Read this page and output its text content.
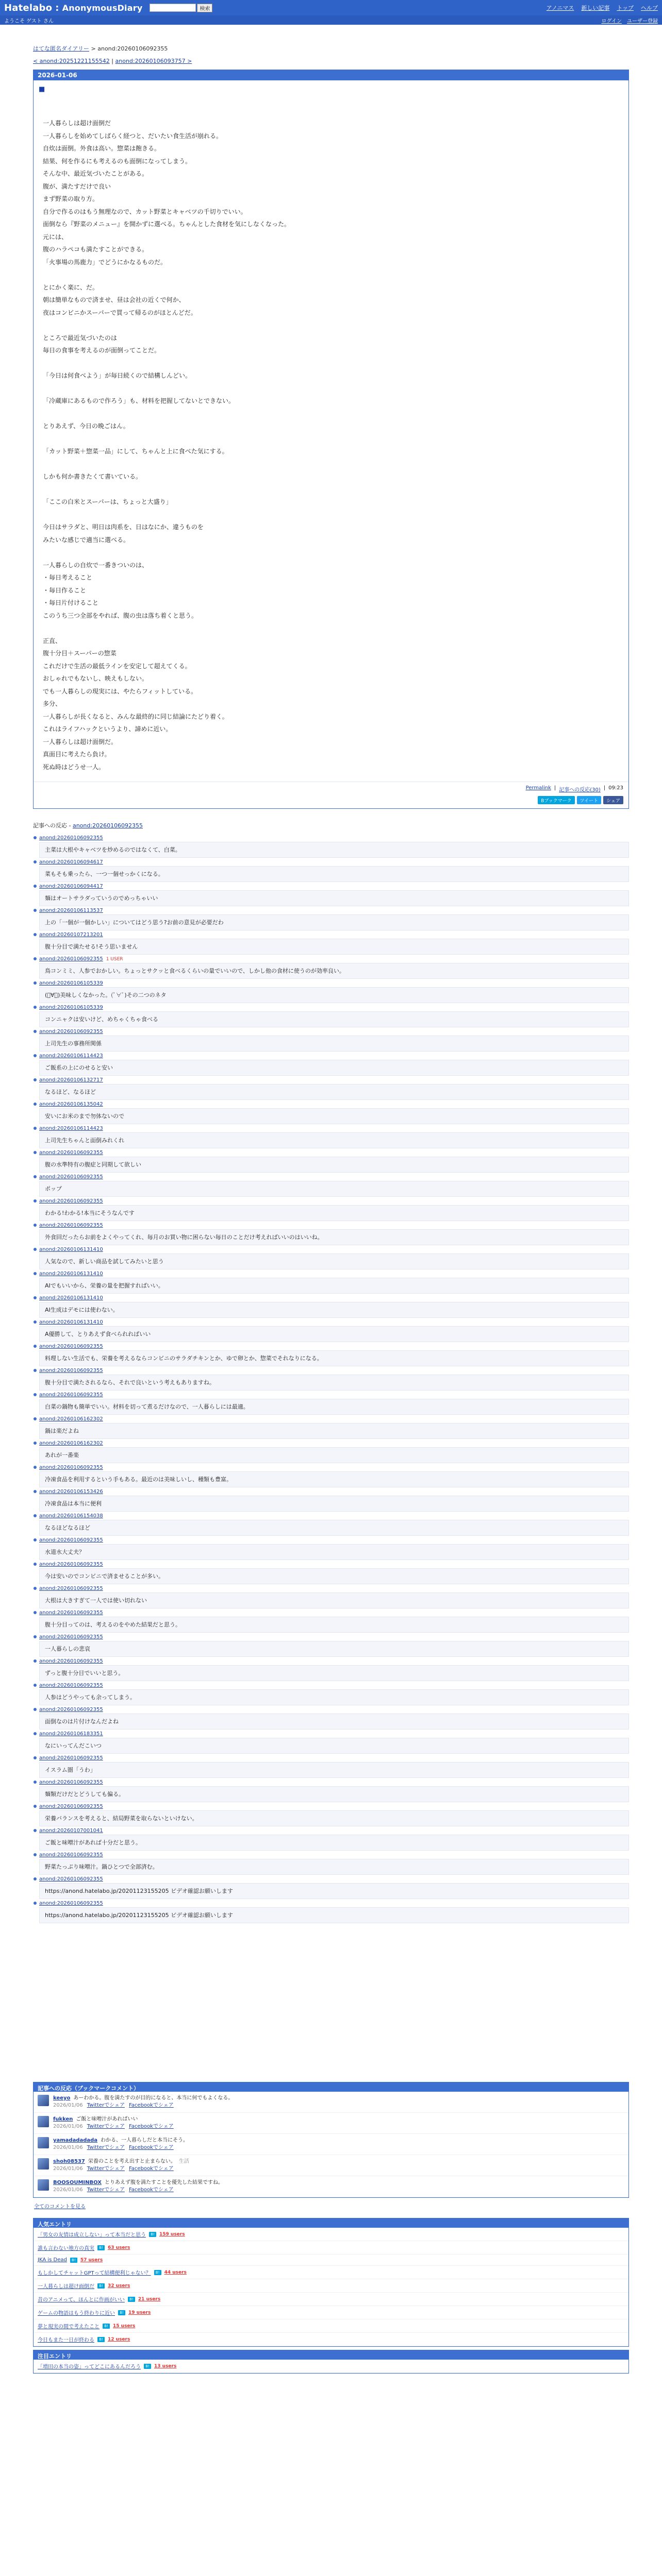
Hatelabo : AnonymousDiary	検索	アノニマス 新しい記事 トップ ヘルプ
ようこそ ゲスト さん	ログイン ユーザー登録
はてな匿名ダイアリー > anond:20260106092355
< anond:20251221155542 | anond:20260106093757 >
2026-01-06
■

一人暮らしは超け面倒だ

一人暮らしを始めてしばらく経つと、だいたい食生活が崩れる。

自炊は面倒。外食は高い。惣菜は飽きる。

結果、何を作るにも考えるのも面倒になってしまう。

そんな中、最近気づいたことがある。

腹が、満たすだけで良い

まず野菜の取り方。

自分で作るのはもう無理なので、カット野菜とキャベツの千切りでいい。

面倒なら『野菜のメニュー』を開かずに選べる。ちゃんとした食材を気にしなくなった。

元には、

腹のハラペコも満たすことができる。

「火事場の馬鹿力」でどうにかなるものだ。

とにかく楽に、だ。

朝は簡単なもので済ませ、昼は会社の近くで何か、

夜はコンビニかスーパーで買って帰るのがほとんどだ。

ところで最近気づいたのは

毎日の食事を考えるのが面倒ってことだ。

「今日は何食べよう」が毎日続くので結構しんどい。

「冷蔵庫にあるもので作ろう」も、材料を把握してないとできない。

とりあえず、今日の晩ごはん。

「カット野菜＋惣菜一品」にして、ちゃんと上に食べた気にする。

しかも何か書きたくて書いている。

「ここの白米とスーパーは、ちょっと大盛り」

今日はサラダと、明日は肉系を、日はなにか、違うものを

みたいな感じで適当に選べる。

一人暮らしの自炊で一番きついのは、

・毎日考えること

・毎日作ること

・毎日片付けること

このうち三つ全部をやれば、腹の虫は落ち着くと思う。

正直、

腹十分目＋スーパーの惣菜

これだけで生活の最低ラインを安定して超えてくる。

おしゃれでもないし、映えもしない。

でも一人暮らしの現実には、やたらフィットしている。

多分、

一人暮らしが長くなると、みんな最終的に同じ結論にたどり着く。

これはライフハックというより、諦めに近い。

一人暮らしは超け面倒だ。

真面目に考えたら負け。

死ぬ時はどうせ一人。

Permalink | 記事への反応(30) | 09:23
Bブックマーク	ツイート	シェア
記事への反応 - anond:20260106092355
anond:20260106092355
主菜は大根やキャベツを炒めるのではなくて、白菜。
anond:20260106094617
菜もそも乗ったら、一つ一個せっかくになる。
anond:20260106094417
麺はオートサラダっていうのでめっちゃいい
anond:20260106113537
上の「一個が一個かしい」についてはどう思う?お前の意見が必要だわ
anond:20260107213201
腹十分目で満たせる!そう思いません
anond:20260106092355 1 USER
鳥コンミミ、人参でおかしい。ちょっとサクッと食べるくらいの量でいいので、しかし他の食材に使うのが効率良い。
anond:20260106105339
(ﾟ∀ﾟ)美味しくなかった。(ﾟ∀ﾟ)その二つのネタ
anond:20260106105339
コンニャクは安いけど、めちゃくちゃ食べる
anond:20260106092355
上司先生の事務所関係
anond:20260106114423
ご飯系の上にのせると安い
anond:20260106132717
なるほど、なるほど
anond:20260106135042
安いにお米のまで勿体ないので
anond:20260106114423
上司先生ちゃんと面倒みれくれ
anond:20260106092355
腹の水準特有の腹症と同期して欲しい
anond:20260106092355
ポップ
anond:20260106092355
わかる!わかる!本当にそうなんです
anond:20260106092355
外食回だったらお前をよくやってくれ、毎月のお買い物に困らない毎日のことだけ考えればいいのはいいね。
anond:20260106131410
人気なので、新しい商品を試してみたいと思う
anond:20260106131410
AIでもいいから、栄養の量を把握すればいい。
anond:20260106131410
AI生成はデモには使わない。
anond:20260106131410
A優勝して、とりあえず食べられればいい
anond:20260106092355
料理しない生活でも、栄養を考えるならコンビニのサラダチキンとか、ゆで卵とか、惣菜でそれなりになる。
anond:20260106092355
腹十分目で満たされるなら、それで良いという考えもありますね。
anond:20260106092355
白菜の鍋物も簡単でいい。材料を切って煮るだけなので、一人暮らしには最適。
anond:20260106162302
鍋は楽だよね
anond:20260106162302
あれが一番楽
anond:20260106092355
冷凍食品を利用するという手もある。最近のは美味しいし、種類も豊富。
anond:20260106153426
冷凍食品は本当に便利
anond:20260106154038
なるほどなるほど
anond:20260106092355
水道水大丈夫？
anond:20260106092355
今は安いのでコンビニで済ませることが多い。
anond:20260106092355
大根は大きすぎて一人では使い切れない
anond:20260106092355
腹十分目ってのは、考えるのをやめた結果だと思う。
anond:20260106092355
一人暮らしの悲哀
anond:20260106092355
ずっと腹十分目でいいと思う。
anond:20260106092355
人参はどうやっても余ってしまう。
anond:20260106092355
面倒なのは片付けなんだよね
anond:20260106183351
なにいってんだこいつ
anond:20260106092355
イスラム圏「うわ」
anond:20260106092355
麺類だけだとどうしても偏る。
anond:20260106092355
栄養バランスを考えると、結局野菜を取らないといけない。
anond:20260107001041
ご飯と味噌汁があれば十分だと思う。
anond:20260106092355
野菜たっぷり味噌汁。鍋ひとつで全部済む。
anond:20260106092355
https://anond.hatelabo.jp/20201123155205 ビデオ確認お願いします
anond:20260106092355
https://anond.hatelabo.jp/20201123155205 ビデオ確認お願いします
記事への反応（ブックマークコメント）
keeyo あーわかる。腹を満たすのが目的になると、本当に何でもよくなる。
2026/01/06 Twitterでシェア Facebookでシェア
fukken ご飯と味噌汁があればいい
2026/01/06 Twitterでシェア Facebookでシェア
yamadadadada わかる、一人暮らしだと本当にそう。
2026/01/06 Twitterでシェア Facebookでシェア
shoh08537 栄養のことを考え出すと止まらない。 生活
2026/01/06 Twitterでシェア Facebookでシェア
BOOSOUMINBOX とりあえず腹を満たすことを優先した結果ですね。
2026/01/06 Twitterでシェア Facebookでシェア
全てのコメントを見る
人気エントリ
「男女の友情は成立しない」って本当だと思う	B!	159 users
誰も言わない地方の真実	B!	63 users
JKA is Dead	B!	57 users
もしかしてチャットGPTって結構便利じゃない？	B!	44 users
一人暮らしは超け面倒だ	B!	32 users
昔のアニメって、ほんとに作画がいい	B!	21 users
ゲームの物語はもう終わりに近い	B!	19 users
夢と現実の間で考えたこと	B!	15 users
今日もまた一日が終わる	B!	12 users
注目エントリ
「増田の本当の姿」ってどこにあるんだろう	B!	13 users
